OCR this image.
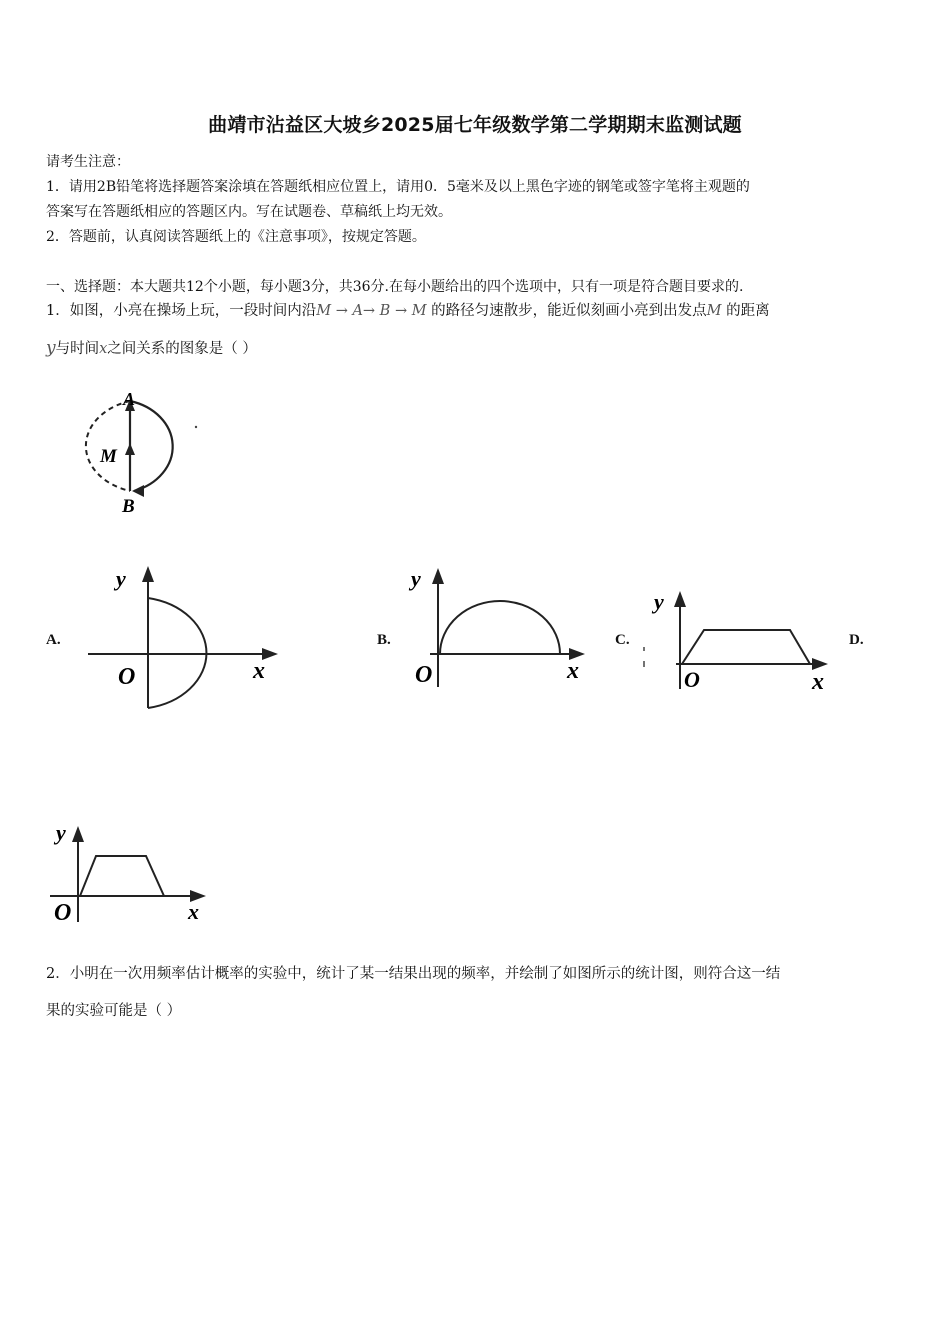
曲靖市沾益区大坡乡2025届七年级数学第二学期期末监测试题
请考生注意：
1．请用2B铅笔将选择题答案涂填在答题纸相应位置上，请用0．5毫米及以上黑色字迹的钢笔或签字笔将主观题的
答案写在答题纸相应的答题区内。写在试题卷、草稿纸上均无效。
2．答题前，认真阅读答题纸上的《注意事项》，按规定答题。
一、选择题：本大题共12个小题，每小题3分，共36分.在每小题给出的四个选项中，只有一项是符合题目要求的.
1．如图，小亮在操场上玩，一段时间内沿M → A→ B → M 的路径匀速散步，能近似刻画小亮到出发点M 的距离
y与时间x之间关系的图象是（ ）
A
M
B
A.	B.	C.	D.
y
O	x
y
O	x
y
O	x
y
O	x
2．小明在一次用频率估计概率的实验中，统计了某一结果出现的频率，并绘制了如图所示的统计图，则符合这一结
果的实验可能是（ ）
